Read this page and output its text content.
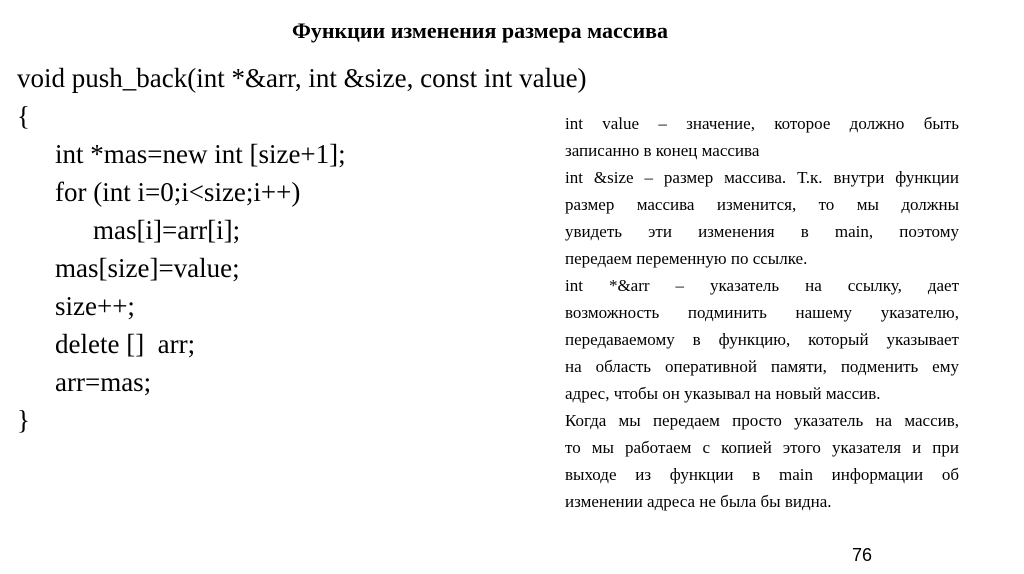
Функции изменения размера массива
void push_back(int *&arr, int &size, const int value)
{
int *mas=new int [size+1];
for (int i=0;i<size;i++)
mas[i]=arr[i];
mas[size]=value;
size++;
delete []  arr;
arr=mas;
}
int value – значение, которое должно быть
записанно в конец массива
int &size – размер массива. Т.к. внутри функции
размер массива изменится, то мы должны
увидеть эти изменения в main, поэтому
передаем переменную по ссылке.
int *&arr – указатель на ссылку, дает
возможность подминить нашему указателю,
передаваемому в функцию, который указывает
на область оперативной памяти, подменить ему
адрес, чтобы он указывал на новый массив.
Когда мы передаем просто указатель на массив,
то мы работаем с копией этого указателя и при
выходе из функции в main информации об
изменении адреса не была бы видна.
76
